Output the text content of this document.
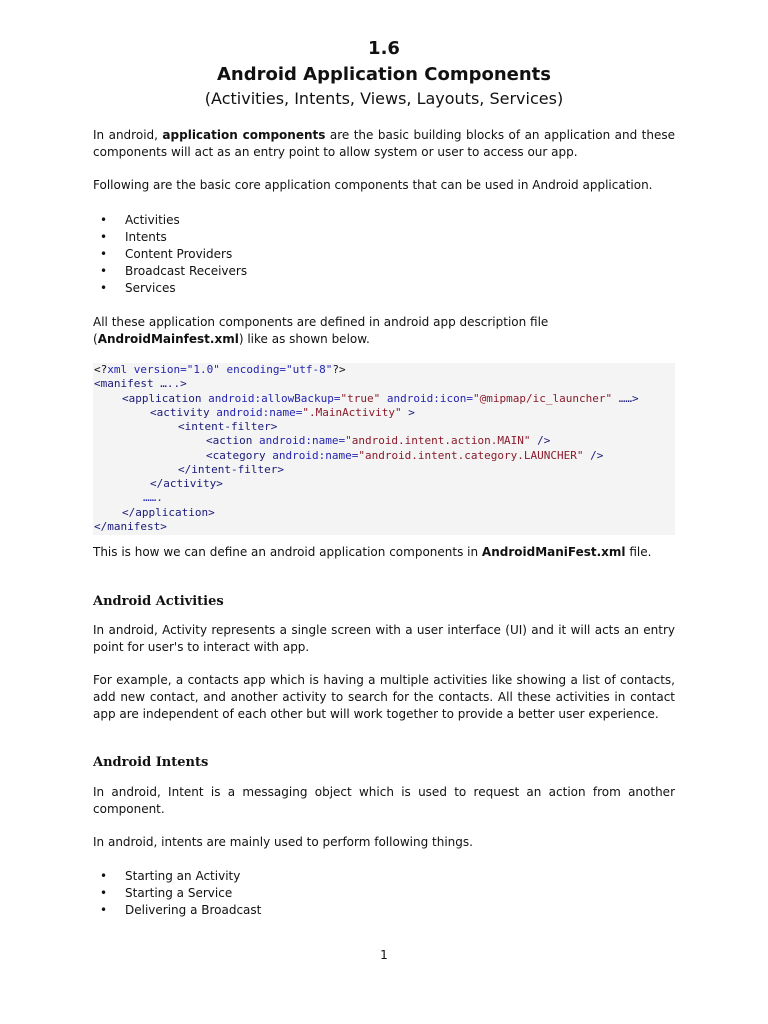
1.6
Android Application Components
(Activities, Intents, Views, Layouts, Services)

In android, application components are the basic building blocks of an application and these components will act as an entry point to allow system or user to access our app.

Following are the basic core application components that can be used in Android application.

• Activities
• Intents
• Content Providers
• Broadcast Receivers
• Services

All these application components are defined in android app description file
(AndroidMainfest.xml) like as shown below.

<?xml version="1.0" encoding="utf-8"?>
<manifest …..>
<application android:allowBackup="true" android:icon="@mipmap/ic_launcher" ……>
<activity android:name=".MainActivity" >
<intent-filter>
<action android:name="android.intent.action.MAIN" />
<category android:name="android.intent.category.LAUNCHER" />
</intent-filter>
</activity>
…….
</application>
</manifest>

This is how we can define an android application components in AndroidManiFest.xml file.

Android Activities

In android, Activity represents a single screen with a user interface (UI) and it will acts an entry point for user's to interact with app.

For example, a contacts app which is having a multiple activities like showing a list of contacts, add new contact, and another activity to search for the contacts. All these activities in contact app are independent of each other but will work together to provide a better user experience.

Android Intents

In android, Intent is a messaging object which is used to request an action from another component.

In android, intents are mainly used to perform following things.

• Starting an Activity
• Starting a Service
• Delivering a Broadcast
1
